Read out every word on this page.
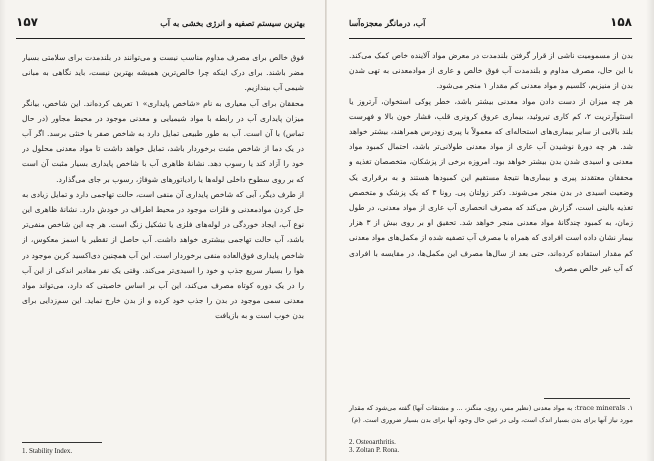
۱۵۷	بهترین سیستم تصفیه و انرژی بخشی به آب

فوق خالص برای مصرف مداوم مناسب نیست و می‌توانند در بلندمدت برای سلامتی بسیار مضر باشند. برای درک اینکه چرا خالص‌ترین همیشه بهترین نیست، باید نگاهی به مبانی شیمی آب بیندازیم.

محققان برای آب معیاری به نام «شاخص پایداری» ۱ تعریف کرده‌اند. این شاخص، بیانگر میزان پایداری آب در رابطه با مواد شیمیایی و معدنی موجود در محیط مجاور (در حال تماس) با آن است. آب به طور طبیعی تمایل دارد به شاخص صفر یا خنثی برسد. اگر آب در یک دما از شاخص مثبت برخوردار باشد، تمایل خواهد داشت تا مواد معدنی محلول در خود را آزاد کند یا رسوب دهد. نشانهٔ ظاهری آب با شاخص پایداری بسیار مثبت آن است که بر روی سطوح داخلی لوله‌ها یا رادیاتورهای شوفاژ، رسوب بر جای می‌گذارد.

از طرف دیگر، آبی که شاخص پایداری آن منفی است، حالت تهاجمی دارد و تمایل زیادی به حل کردن موادمعدنی و فلزات موجود در محیط اطراف در خودش دارد. نشانهٔ ظاهری این نوع آب، ایجاد خوردگی در لوله‌های فلزی یا تشکیل زنگ است. هر چه این شاخص منفی‌تر باشد، آب حالت تهاجمی بیشتری خواهد داشت. آب حاصل از تقطیر یا اسمز معکوس، از شاخص پایداری فوق‌العاده منفی برخوردار است. این آب همچنین دی‌اکسید کربن موجود در هوا را بسیار سریع جذب و خود را اسیدی‌تر می‌کند. وقتی یک نفر مقادیر اندکی از این آب را در یک دوره کوتاه مصرف می‌کند، این آب بر اساس خاصیتی که دارد، می‌تواند مواد معدنی سمی موجود در بدن را جذب خود کرده و از بدن خارج نماید. این سم‌زدایی برای بدن خوب است و به بازیافت

1. Stability Index.
آب، درمانگر معجزه‌آسا	۱۵۸

بدن از مسمومیت ناشی از قرار گرفتن بلندمدت در معرض مواد آلاینده خاص کمک می‌کند. با این حال، مصرف مداوم و بلندمدت آب فوق خالص و عاری از موادمعدنی به تهی شدن بدن از منیزیم، کلسیم و مواد معدنی کم مقدار ۱ منجر می‌شود.

هر چه میزان از دست دادن مواد معدنی بیشتر باشد، خطر پوکی استخوان، آرتروز یا استئوآرتریت ۲، کم کاری تیروئید، بیماری عروق کرونری قلب، فشار خون بالا و فهرست بلند بالایی از سایر بیماری‌های استحاله‌ای که معمولاً با پیری زودرس همراهند، بیشتر خواهد شد. هر چه دورهٔ نوشیدن آب عاری از مواد معدنی طولانی‌تر باشد، احتمال کمبود مواد معدنی و اسیدی شدن بدن بیشتر خواهد بود. امروزه برخی از پزشکان، متخصصان تغذیه و محققان معتقدند پیری و بیماری‌ها نتیجهٔ مستقیم این کمبودها هستند و به برقراری یک وضعیت اسیدی در بدن منجر می‌شوند. دکتر زولتان پی. رونا ۳ که یک پزشک و متخصص تغذیه بالینی است، گزارش می‌کند که مصرف انحصاری آب عاری از مواد معدنی، در طول زمان، به کمبود چندگانهٔ مواد معدنی منجر خواهد شد. تحقیق او بر روی بیش از ۳ هزار بیمار نشان داده است افرادی که همراه با مصرف آب تصفیه شده از مکمل‌های مواد معدنی کم مقدار استفاده کرده‌اند، حتی بعد از سال‌ها مصرف این مکمل‌ها، در مقایسه با افرادی که آب غیر خالص مصرف

۱. trace minerals: به مواد معدنی (نظیر مس، روی، منگنز، ... و مشتقات آنها) گفته می‌شود که مقدار مورد نیاز آنها برای بدن بسیار اندک است، ولی در عین حال وجود آنها برای بدن بسیار ضروری است. (م)
2. Osteoarthritis.
3. Zoltan P. Rona.
